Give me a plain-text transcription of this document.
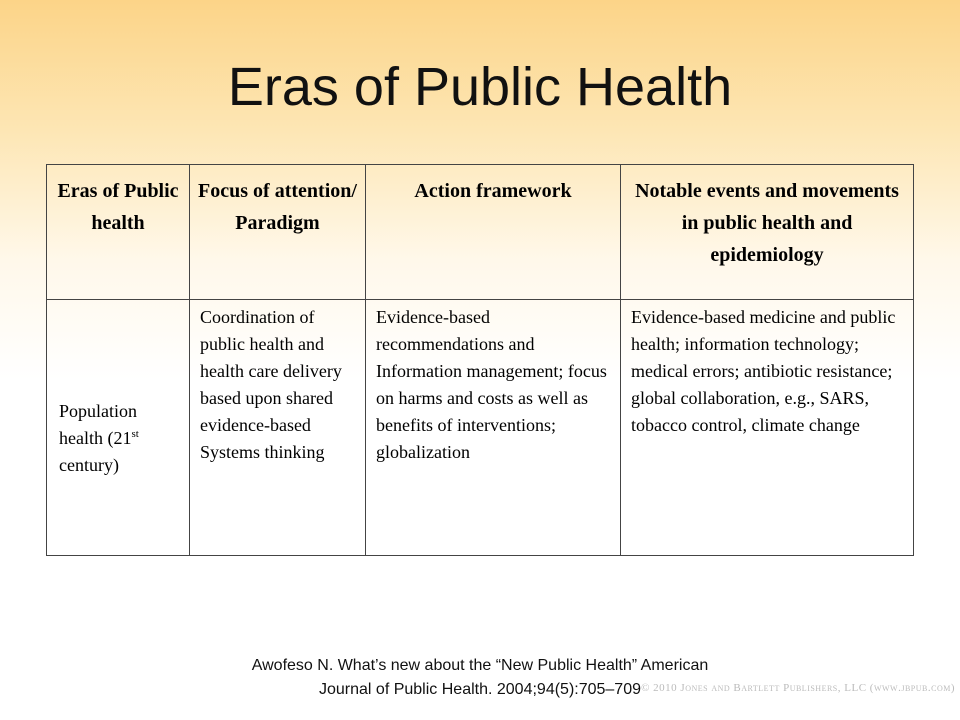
Eras of Public Health
Eras of Public health	Focus of attention/ Paradigm	Action framework	Notable events and movements in public health and epidemiology
Population health (21st century)	Coordination of public health and health care delivery based upon shared evidence-based Systems thinking	Evidence-based recommendations and Information management; focus on harms and costs as well as benefits of interventions; globalization	Evidence-based medicine and public health; information technology; medical errors; antibiotic resistance; global collaboration, e.g., SARS, tobacco control, climate change
Awofeso N. What’s new about the “New Public Health” American
Journal of Public Health. 2004;94(5):705–709 © 2010 Jones and Bartlett Publishers, LLC (www.jbpub.com)
